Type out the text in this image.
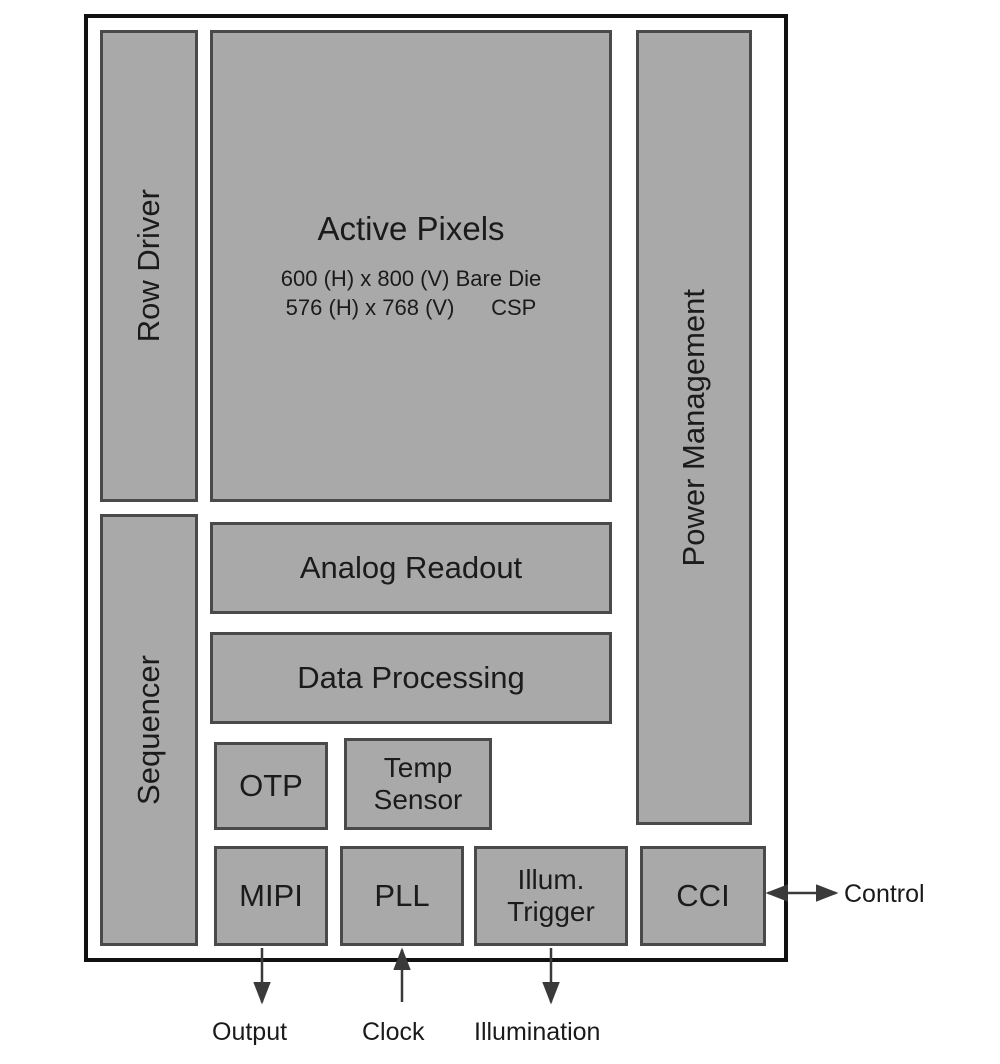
Row Driver	Active Pixels
600 (H) x 800 (V) Bare Die
576 (H) x 768 (V)      CSP	Power Management
Sequencer
Analog Readout
Data Processing
OTP
Temp
Sensor
MIPI PLL	Illum.
Trigger	CCI
Output	Clock Illumination
Control
